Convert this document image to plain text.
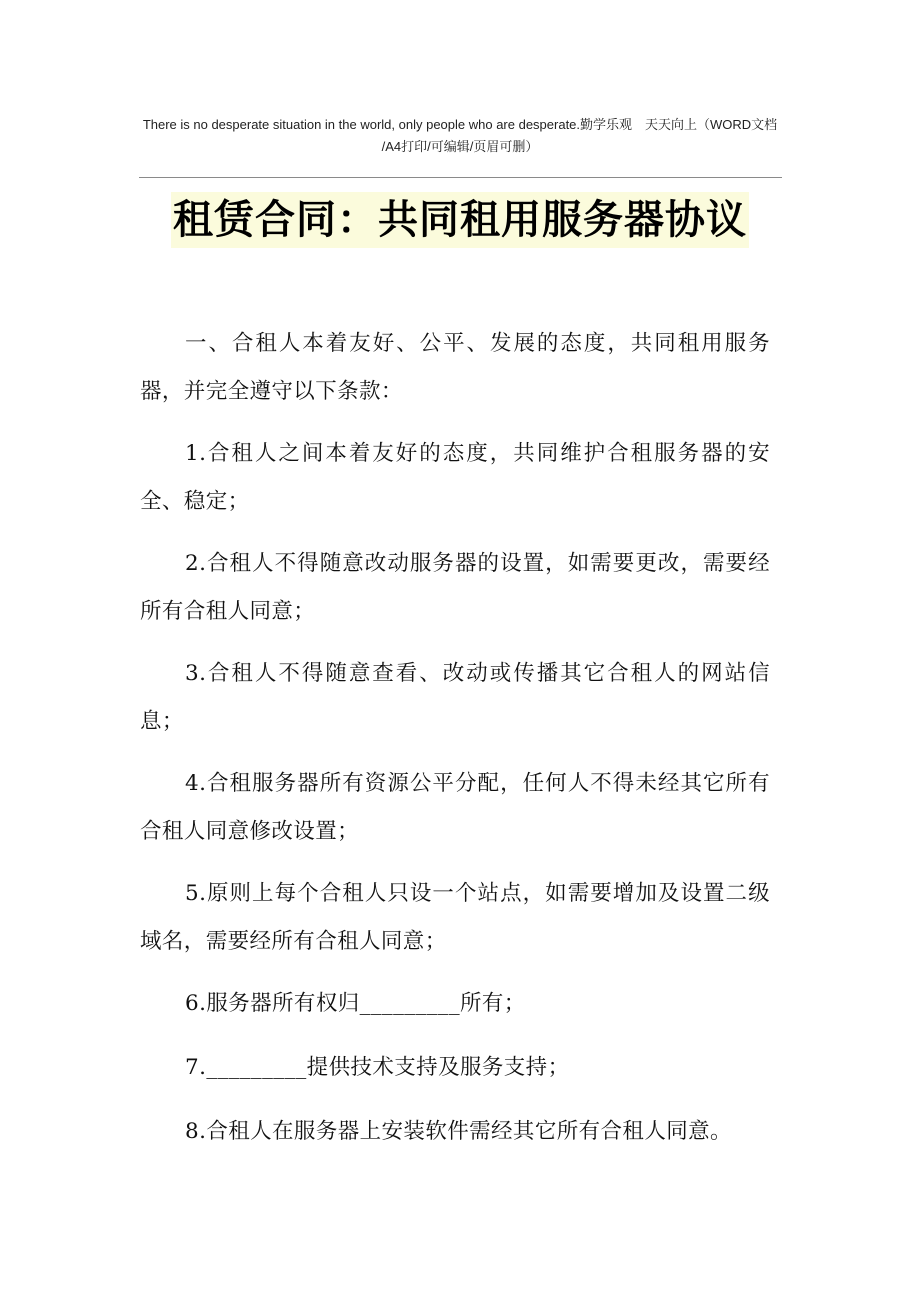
There is no desperate situation in the world, only people who are desperate.勤学乐观　天天向上（WORD文档
/A4打印/可编辑/页眉可删）
租赁合同：共同租用服务器协议

一、合租人本着友好、公平、发展的态度，共同租用服务器，并完全遵守以下条款：

1.合租人之间本着友好的态度，共同维护合租服务器的安全、稳定；

2.合租人不得随意改动服务器的设置，如需要更改，需要经所有合租人同意；

3.合租人不得随意查看、改动或传播其它合租人的网站信息；

4.合租服务器所有资源公平分配，任何人不得未经其它所有合租人同意修改设置；

5.原则上每个合租人只设一个站点，如需要增加及设置二级域名，需要经所有合租人同意；

6.服务器所有权归_________所有；

7._________提供技术支持及服务支持；

8.合租人在服务器上安装软件需经其它所有合租人同意。
